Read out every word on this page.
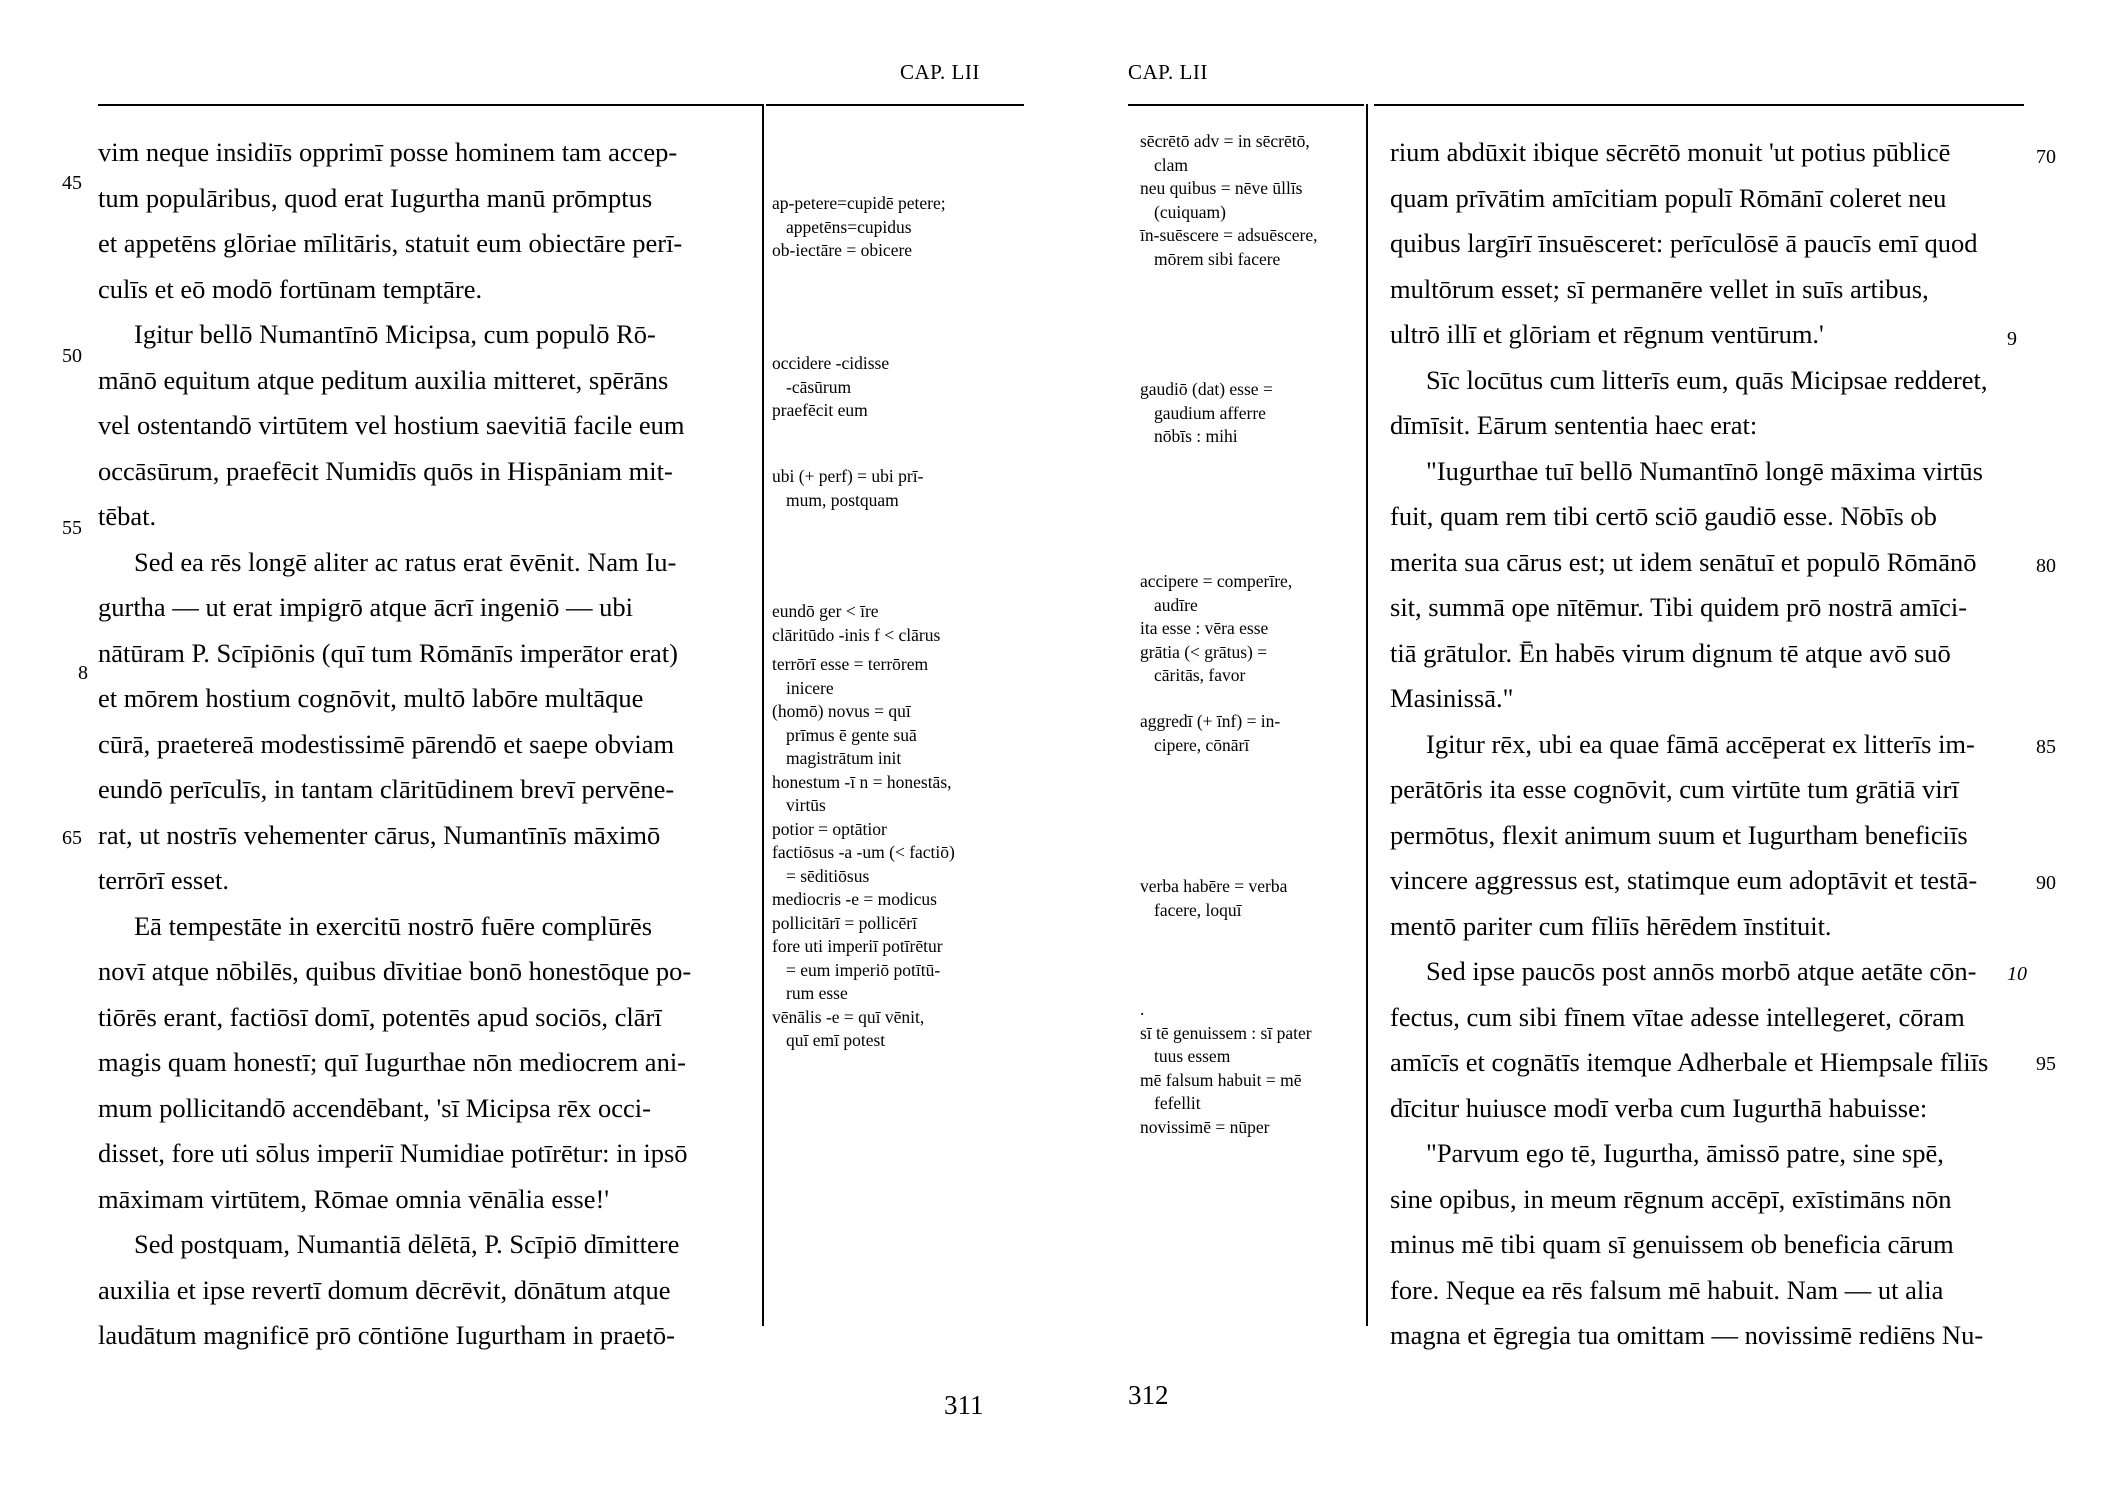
CAP. LII

vim neque insidiīs opprimī posse hominem tam accep-
tum populāribus, quod erat Iugurtha manū prōmptus
et appetēns glōriae mīlitāris, statuit eum obiectāre perī-
culīs et eō modō fortūnam temptāre.

Igitur bellō Numantīnō Micipsa, cum populō Rō-
mānō equitum atque peditum auxilia mitteret, spērāns
vel ostentandō virtūtem vel hostium saevitiā facile eum
occāsūrum, praefēcit Numidīs quōs in Hispāniam mit-
tēbat.

Sed ea rēs longē aliter ac ratus erat ēvēnit. Nam Iu-
gurtha — ut erat impigrō atque ācrī ingeniō — ubi
nātūram P. Scīpiōnis (quī tum Rōmānīs imperātor erat)
et mōrem hostium cognōvit, multō labōre multāque
cūrā, praetereā modestissimē pārendō et saepe obviam
eundō perīculīs, in tantam clāritūdinem brevī pervēne-
rat, ut nostrīs vehementer cārus, Numantīnīs māximō
terrōrī esset.

Eā tempestāte in exercitū nostrō fuēre complūrēs
novī atque nōbilēs, quibus dīvitiae bonō honestōque po-
tiōrēs erant, factiōsī domī, potentēs apud sociōs, clārī
magis quam honestī; quī Iugurthae nōn mediocrem ani-
mum pollicitandō accendēbant, 'sī Micipsa rēx occi-
disset, fore uti sōlus imperiī Numidiae potīrētur: in ipsō
māximam virtūtem, Rōmae omnia vēnālia esse!'

Sed postquam, Numantiā dēlētā, P. Scīpiō dīmittere
auxilia et ipse revertī domum dēcrēvit, dōnātum atque
laudātum magnificē prō cōntiōne Iugurtham in praetō-

45
50
55
8
65
ap-petere=cupidē petere;

appetēns=cupidus
ob-iectāre = obicere
occidere -cidisse

-cāsūrum
praefēcit eum
ubi (+ perf) = ubi prī-

mum, postquam
eundō ger < īre
clāritūdo -inis f < clārus
terrōrī esse = terrōrem

inicere
(homō) novus = quī

prīmus ē gente suā
magistrātum init
honestum -ī n = honestās,

virtūs
potior = optātior
factiōsus -a -um (< factiō)

= sēditiōsus
mediocris -e = modicus
pollicitārī = pollicērī
fore uti imperiī potīrētur

= eum imperiō potītū-
rum esse
vēnālis -e = quī vēnit,

quī emī potest
311
CAP. LII

rium abdūxit ibique sēcrētō monuit 'ut potius pūblicē
quam prīvātim amīcitiam populī Rōmānī coleret neu
quibus largīrī īnsuēsceret: perīculōsē ā paucīs emī quod
multōrum esset; sī permanēre vellet in suīs artibus,
ultrō illī et glōriam et rēgnum ventūrum.'

Sīc locūtus cum litterīs eum, quās Micipsae redderet,
dīmīsit. Eārum sententia haec erat:

"Iugurthae tuī bellō Numantīnō longē māxima virtūs
fuit, quam rem tibi certō sciō gaudiō esse. Nōbīs ob
merita sua cārus est; ut idem senātuī et populō Rōmānō
sit, summā ope nītēmur. Tibi quidem prō nostrā amīci-
tiā grātulor. Ēn habēs virum dignum tē atque avō suō
Masinissā."

Igitur rēx, ubi ea quae fāmā accēperat ex litterīs im-
perātōris ita esse cognōvit, cum virtūte tum grātiā virī
permōtus, flexit animum suum et Iugurtham beneficiīs
vincere aggressus est, statimque eum adoptāvit et testā-
mentō pariter cum fīliīs hērēdem īnstituit.

Sed ipse paucōs post annōs morbō atque aetāte cōn-
fectus, cum sibi fīnem vītae adesse intellegeret, cōram
amīcīs et cognātīs itemque Adherbale et Hiempsale fīliīs
dīcitur huiusce modī verba cum Iugurthā habuisse:

"Parvum ego tē, Iugurtha, āmissō patre, sine spē,
sine opibus, in meum rēgnum accēpī, exīstimāns nōn
minus mē tibi quam sī genuissem ob beneficia cārum
fore. Neque ea rēs falsum mē habuit. Nam — ut alia
magna et ēgregia tua omittam — novissimē rediēns Nu-

70
9
80
85
90
10
95
sēcrētō adv = in sēcrētō,

clam
neu quibus = nēve ūllīs

(cuiquam)
īn-suēscere = adsuēscere,

mōrem sibi facere
gaudiō (dat) esse =

gaudium afferre
nōbīs : mihi
accipere = comperīre,

audīre
ita esse : vēra esse
grātia (< grātus) =

cāritās, favor
aggredī (+ īnf) = in-

cipere, cōnārī
verba habēre = verba

facere, loquī
.
sī tē genuissem : sī pater

tuus essem
mē falsum habuit = mē

fefellit
novissimē = nūper
312
